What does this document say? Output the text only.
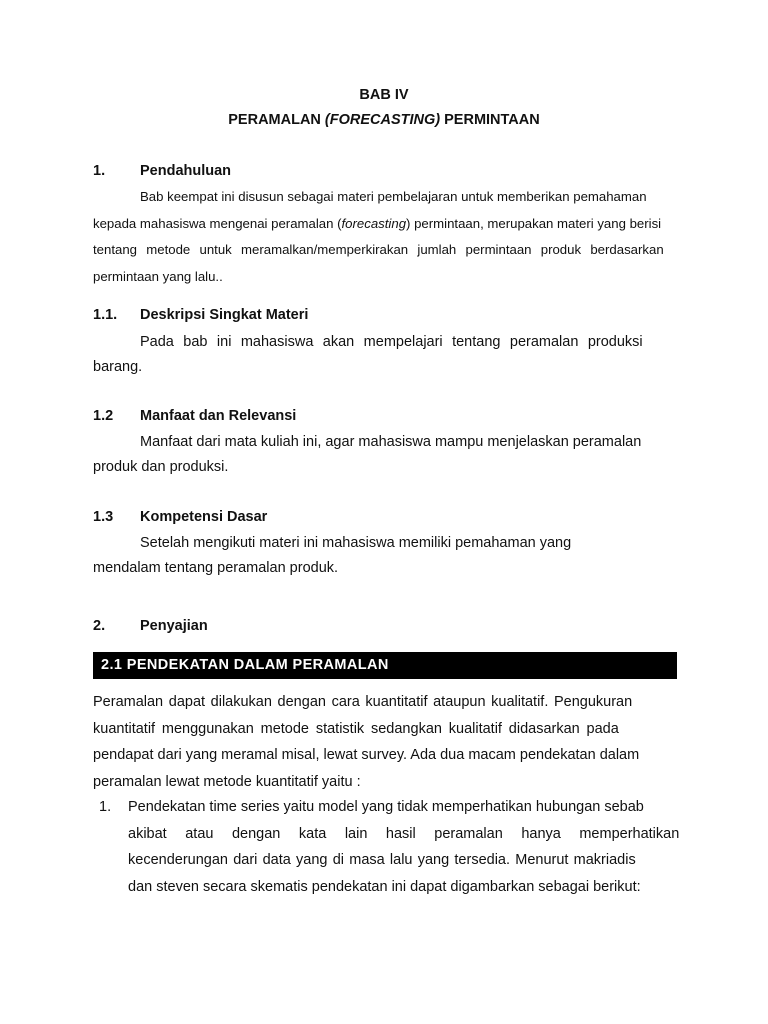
BAB IV
PERAMALAN (FORECASTING) PERMINTAAN
1. Pendahuluan
Bab keempat ini disusun sebagai materi pembelajaran untuk memberikan pemahaman
kepada mahasiswa mengenai peramalan (forecasting) permintaan, merupakan materi yang berisi
tentang metode untuk meramalkan/memperkirakan jumlah permintaan produk berdasarkan
permintaan yang lalu..
1.1. Deskripsi Singkat Materi
Pada bab ini mahasiswa akan mempelajari tentang peramalan produksi
barang.
1.2 Manfaat dan Relevansi
Manfaat dari mata kuliah ini, agar mahasiswa mampu menjelaskan peramalan
produk dan produksi.
1.3 Kompetensi Dasar
Setelah mengikuti materi ini mahasiswa memiliki pemahaman yang
mendalam tentang peramalan produk.
2. Penyajian
2.1 PENDEKATAN DALAM PERAMALAN
Peramalan dapat dilakukan dengan cara kuantitatif ataupun kualitatif. Pengukuran
kuantitatif menggunakan metode statistik sedangkan kualitatif didasarkan pada
pendapat dari yang meramal misal, lewat survey. Ada dua macam pendekatan dalam
peramalan lewat metode kuantitatif yaitu :
1. Pendekatan time series yaitu model yang tidak memperhatikan hubungan sebab
akibat atau dengan kata lain hasil peramalan hanya memperhatikan
kecenderungan dari data yang di masa lalu yang tersedia. Menurut makriadis
dan steven secara skematis pendekatan ini dapat digambarkan sebagai berikut:
